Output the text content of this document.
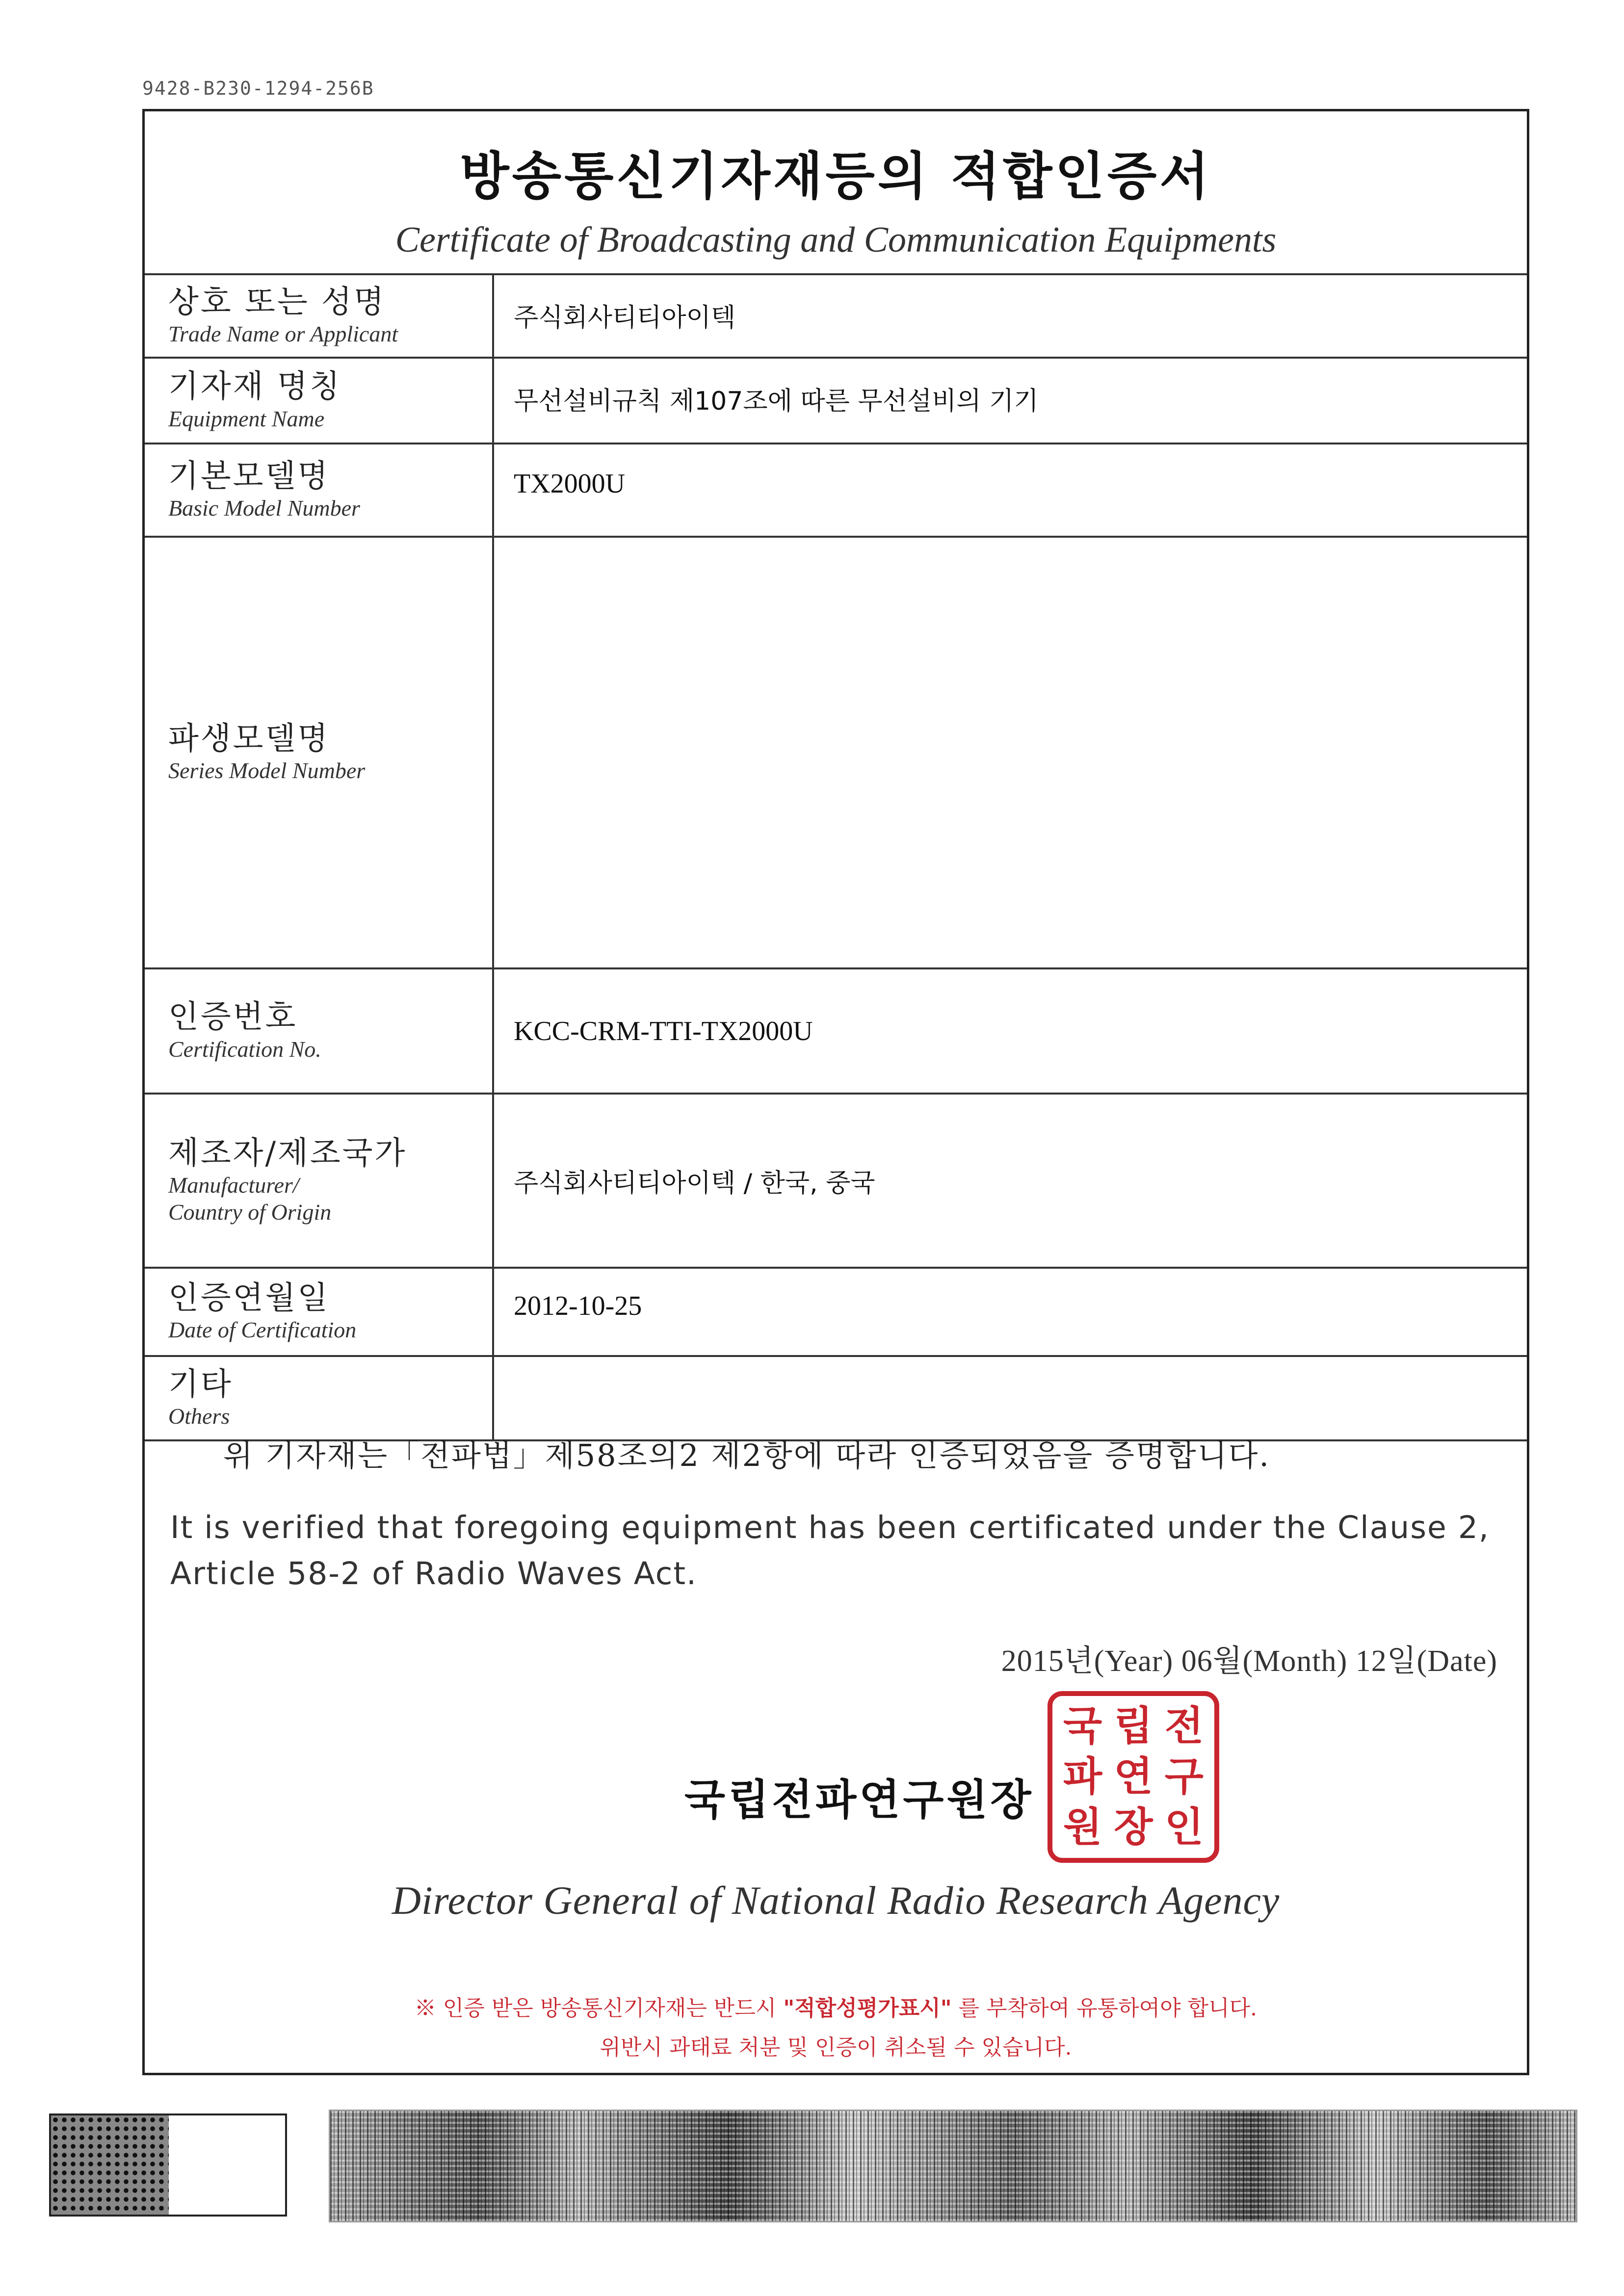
9428-B230-1294-256B
방송통신기자재등의 적합인증서
Certificate of Broadcasting and Communication Equipments
상호 또는 성명
Trade Name or Applicant	주식회사티티아이텍

기자재 명칭
Equipment Name	무선설비규칙 제107조에 따른 무선설비의 기기

기본모델명
Basic Model Number	TX2000U

파생모델명
Series Model Number	

인증번호
Certification No.	KCC-CRM-TTI-TX2000U

제조자/제조국가
Manufacturer/
Country of Origin	주식회사티티아이텍 / 한국, 중국

인증연월일
Date of Certification	2012-10-25

기타
Others	

위 기자재는「전파법」제58조의2 제2항에 따라 인증되었음을 증명합니다.
It is verified that foregoing equipment has been certificated under the Clause 2,
Article 58-2 of Radio Waves Act.
2015년(Year) 06월(Month) 12일(Date)
국립전파연구원장
국 립 전
파 연 구
원 장 인
Director General of National Radio Research Agency
※ 인증 받은 방송통신기자재는 반드시 "적합성평가표시" 를 부착하여 유통하여야 합니다.
위반시 과태료 처분 및 인증이 취소될 수 있습니다.
